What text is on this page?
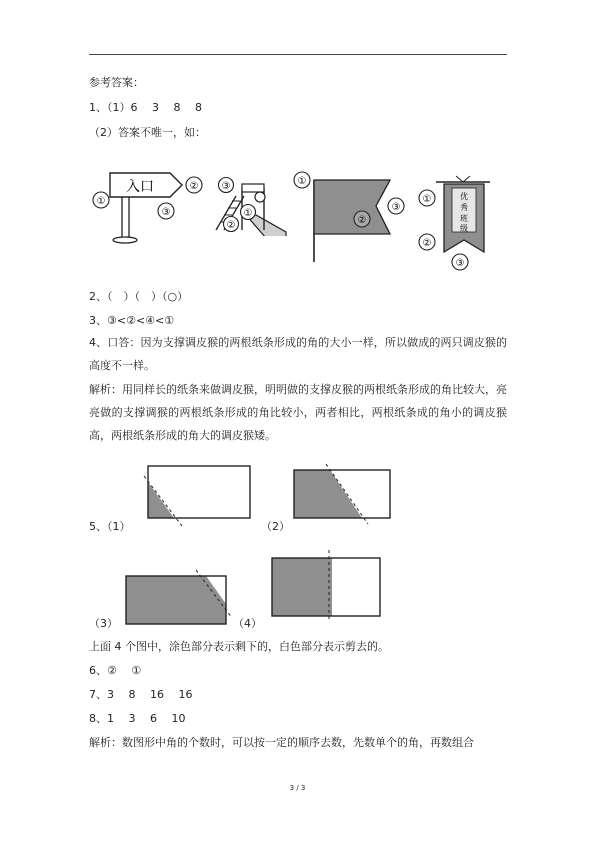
参考答案：
1、（1）6　 3　 8　 8
（2）答案不唯一，如：
入口
①
②
③
③
②
①
①
②
③
优
秀
班
级
①
②
③
2、（　）（　）（○）
3、③<②<④<①
4、口答：因为支撑调皮猴的两根纸条形成的角的大小一样，所以做成的两只调皮猴的高度不一样。
解析：用同样长的纸条来做调皮猴，明明做的支撑皮猴的两根纸条形成的角比较大，亮亮做的支撑调猴的两根纸条形成的角比较小，两者相比，两根纸条成的角小的调皮猴高，两根纸条形成的角大的调皮猴矮。
5、（1）	（2）
（3）	（4）
上面 4 个图中，涂色部分表示剩下的，白色部分表示剪去的。
6、②　 ①
7、3　 8　 16　 16
8、1　 3　 6　 10
解析：数图形中角的个数时，可以按一定的顺序去数，先数单个的角，再数组合
3 / 3
